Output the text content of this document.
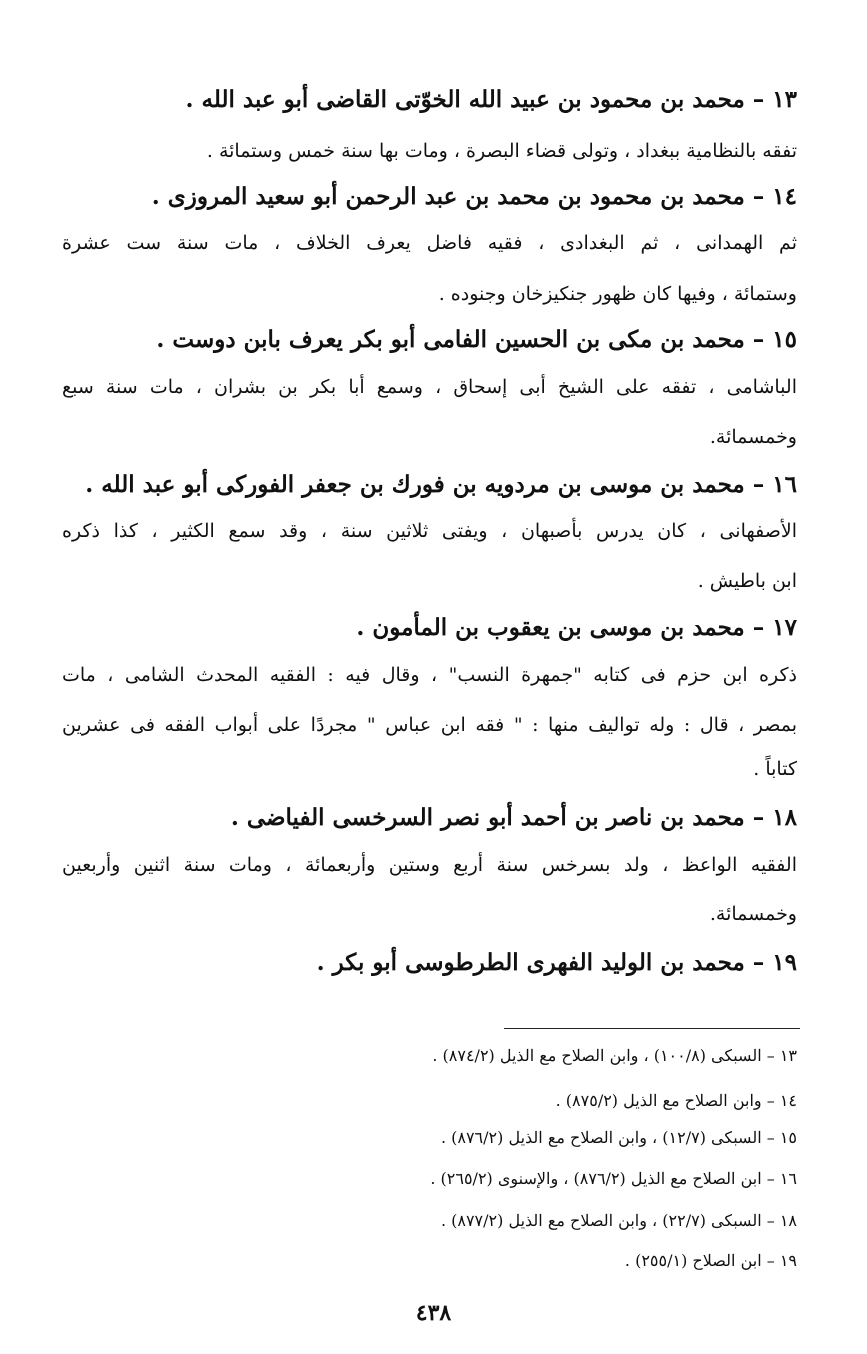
١٣ – محمد بن محمود بن عبيد الله الخوّتى القاضى أبو عبد الله .
تفقه بالنظامية ببغداد ، وتولى قضاء البصرة ، ومات بها سنة خمس وستمائة .
١٤ – محمد بن محمود بن محمد بن عبد الرحمن أبو سعيد المروزى .
ثم الهمدانى ، ثم البغدادى ، فقيه فاضل يعرف الخلاف ، مات سنة ست عشرة
وستمائة ، وفيها كان ظهور جنكيزخان وجنوده .
١٥ – محمد بن مكى بن الحسين الفامى أبو بكر يعرف بابن دوست .
الباشامى ، تفقه على الشيخ أبى إسحاق ، وسمع أبا بكر بن بشران ، مات سنة سبع
وخمسمائة.
١٦ – محمد بن موسى بن مردويه بن فورك بن جعفر الفوركى أبو عبد الله .
الأصفهانى ، كان يدرس بأصبهان ، ويفتى ثلاثين سنة ، وقد سمع الكثير ، كذا ذكره
ابن باطيش .
١٧ – محمد بن موسى بن يعقوب بن المأمون .
ذكره ابن حزم فى كتابه "جمهرة النسب" ، وقال فيه : الفقيه المحدث الشامى ، مات
بمصر ، قال : وله تواليف منها : " فقه ابن عباس " مجردًا على أبواب الفقه فى عشرين
كتاباً .
١٨ – محمد بن ناصر بن أحمد أبو نصر السرخسى الفياضى .
الفقيه الواعظ ، ولد بسرخس سنة أربع وستين وأربعمائة ، ومات سنة اثنين وأربعين
وخمسمائة.
١٩ – محمد بن الوليد الفهرى الطرطوسى أبو بكر .
١٣ – السبكى (١٠٠/٨) ، وابن الصلاح مع الذيل (٨٧٤/٢) .
١٤ – وابن الصلاح مع الذيل (٨٧٥/٢) .
١٥ – السبكى (١٢/٧) ، وابن الصلاح مع الذيل (٨٧٦/٢) .
١٦ – ابن الصلاح مع الذيل (٨٧٦/٢) ، والإسنوى (٢٦٥/٢) .
١٨ – السبكى (٢٢/٧) ، وابن الصلاح مع الذيل (٨٧٧/٢) .
١٩ – ابن الصلاح (٢٥٥/١) .
٤٣٨
